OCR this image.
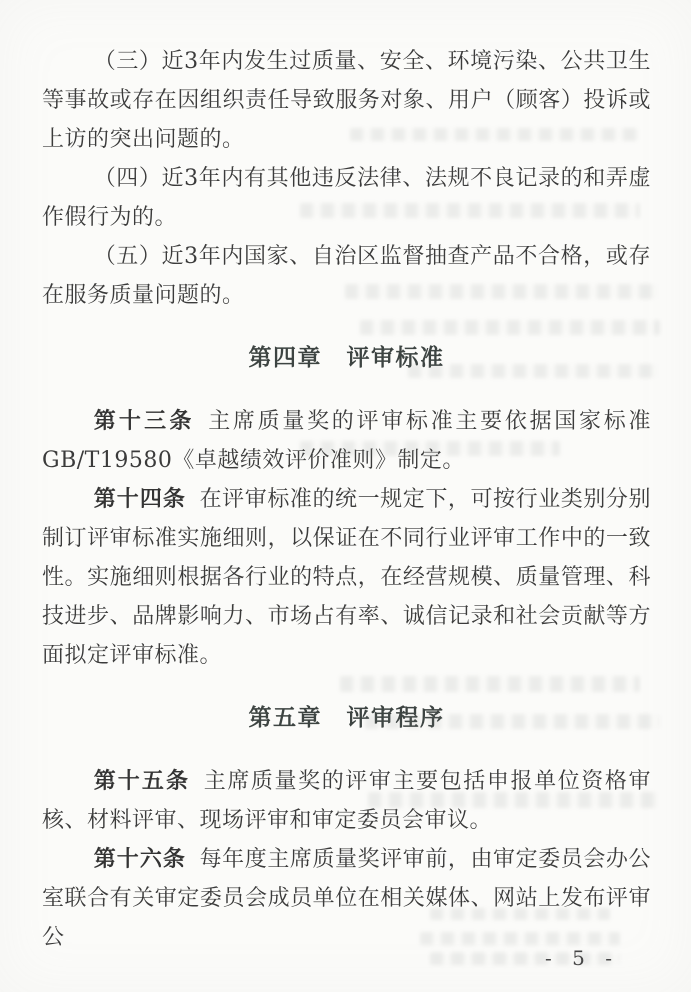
（三）近3年内发生过质量、安全、环境污染、公共卫生等事故或存在因组织责任导致服务对象、用户（顾客）投诉或上访的突出问题的。

（四）近3年内有其他违反法律、法规不良记录的和弄虚作假行为的。

（五）近3年内国家、自治区监督抽查产品不合格，或存在服务质量问题的。

第四章　评审标准

第十三条 主席质量奖的评审标准主要依据国家标准GB/T19580《卓越绩效评价准则》制定。

第十四条 在评审标准的统一规定下，可按行业类别分别制订评审标准实施细则，以保证在不同行业评审工作中的一致性。实施细则根据各行业的特点，在经营规模、质量管理、科技进步、品牌影响力、市场占有率、诚信记录和社会贡献等方面拟定评审标准。

第五章　评审程序

第十五条 主席质量奖的评审主要包括申报单位资格审核、材料评审、现场评审和审定委员会审议。

第十六条 每年度主席质量奖评审前，由审定委员会办公室联合有关审定委员会成员单位在相关媒体、网站上发布评审公

- 5 -
